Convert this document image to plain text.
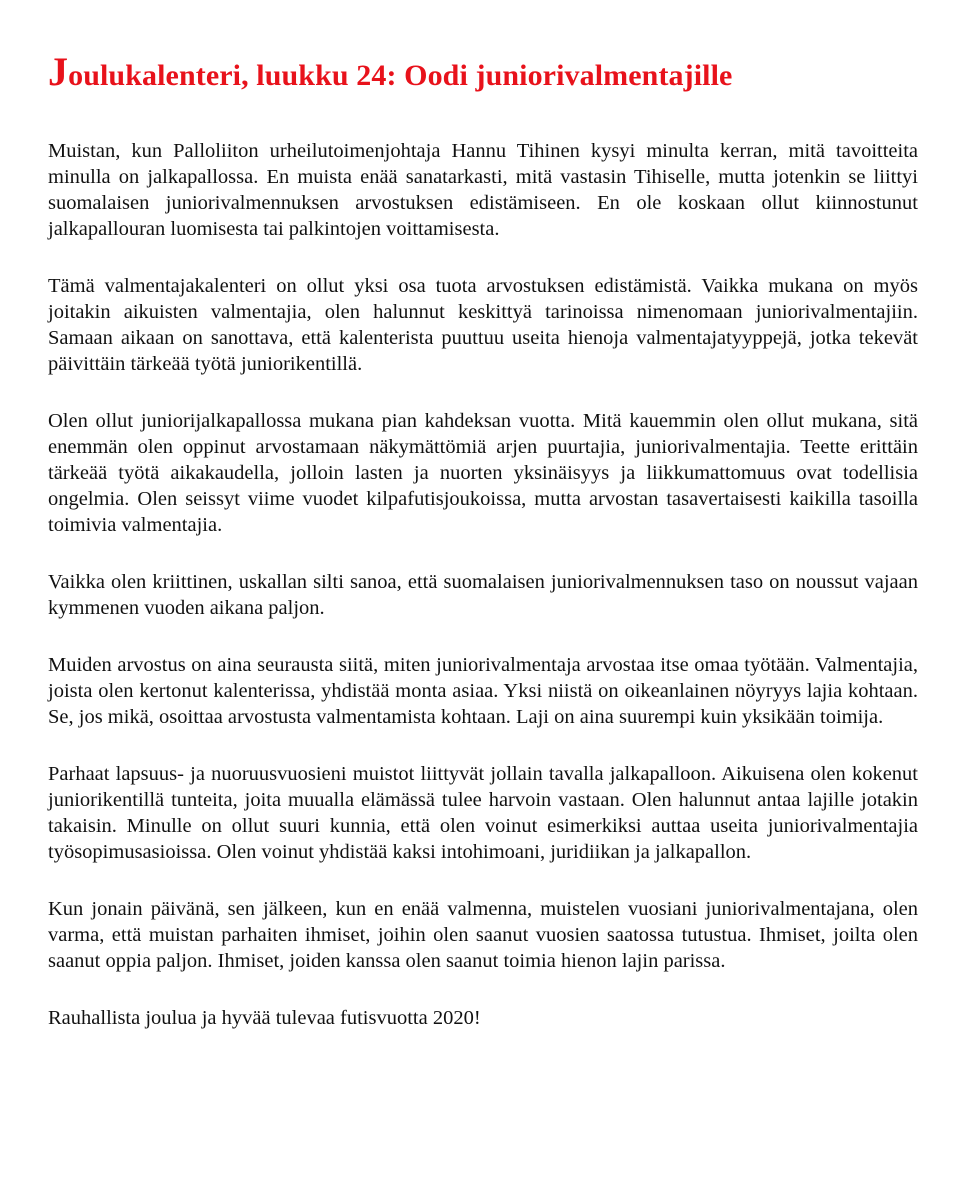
Joulukalenteri, luukku 24: Oodi juniorivalmentajille

Muistan, kun Palloliiton urheilutoimenjohtaja Hannu Tihinen kysyi minulta kerran, mitä tavoitteita minulla on jalkapallossa. En muista enää sanatarkasti, mitä vastasin Tihiselle, mutta jotenkin se liittyi suomalaisen juniorivalmennuksen arvostuksen edistämiseen. En ole koskaan ollut kiinnostunut jalkapallouran luomisesta tai palkintojen voittamisesta.

Tämä valmentajakalenteri on ollut yksi osa tuota arvostuksen edistämistä. Vaikka mukana on myös joitakin aikuisten valmentajia, olen halunnut keskittyä tarinoissa nimenomaan juniorivalmentajiin. Samaan aikaan on sanottava, että kalenterista puuttuu useita hienoja valmentajatyyppejä, jotka tekevät päivittäin tärkeää työtä juniorikentillä.

Olen ollut juniorijalkapallossa mukana pian kahdeksan vuotta. Mitä kauemmin olen ollut mukana, sitä enemmän olen oppinut arvostamaan näkymättömiä arjen puurtajia, juniorivalmentajia. Teette erittäin tärkeää työtä aikakaudella, jolloin lasten ja nuorten yksinäisyys ja liikkumattomuus ovat todellisia ongelmia. Olen seissyt viime vuodet kilpafutisjoukoissa, mutta arvostan tasavertaisesti kaikilla tasoilla toimivia valmentajia.

Vaikka olen kriittinen, uskallan silti sanoa, että suomalaisen juniorivalmennuksen taso on noussut vajaan kymmenen vuoden aikana paljon.

Muiden arvostus on aina seurausta siitä, miten juniorivalmentaja arvostaa itse omaa työtään. Valmentajia, joista olen kertonut kalenterissa, yhdistää monta asiaa. Yksi niistä on oikeanlainen nöyryys lajia kohtaan. Se, jos mikä, osoittaa arvostusta valmentamista kohtaan. Laji on aina suurempi kuin yksikään toimija.

Parhaat lapsuus- ja nuoruusvuosieni muistot liittyvät jollain tavalla jalkapalloon. Aikuisena olen kokenut juniorikentillä tunteita, joita muualla elämässä tulee harvoin vastaan. Olen halunnut antaa lajille jotakin takaisin. Minulle on ollut suuri kunnia, että olen voinut esimerkiksi auttaa useita juniorivalmentajia työsopimusasioissa. Olen voinut yhdistää kaksi intohimoani, juridiikan ja jalkapallon.

Kun jonain päivänä, sen jälkeen, kun en enää valmenna, muistelen vuosiani juniorivalmentajana, olen varma, että muistan parhaiten ihmiset, joihin olen saanut vuosien saatossa tutustua. Ihmiset, joilta olen saanut oppia paljon. Ihmiset, joiden kanssa olen saanut toimia hienon lajin parissa.

Rauhallista joulua ja hyvää tulevaa futisvuotta 2020!
